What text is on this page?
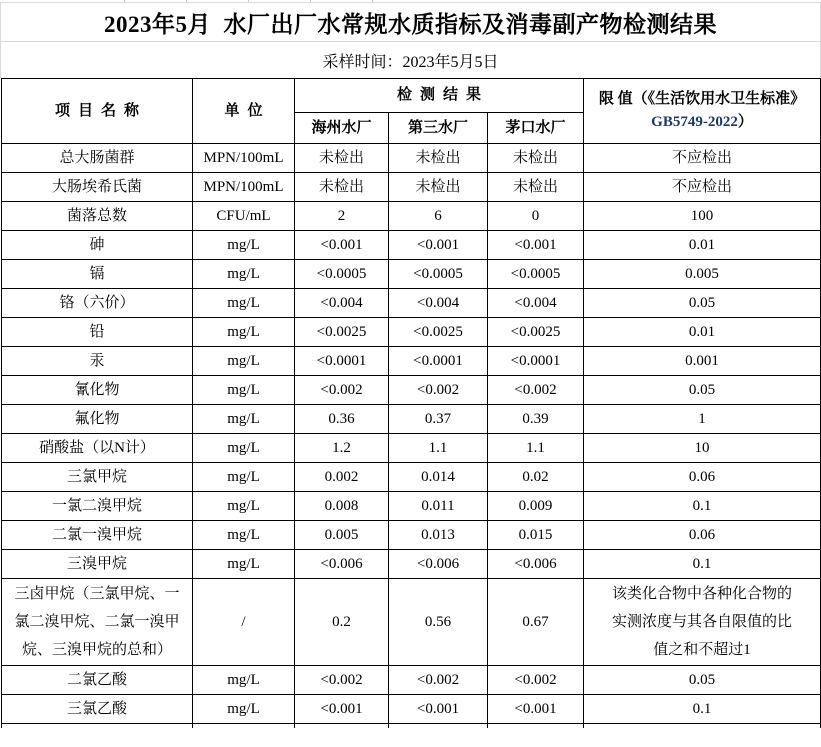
2023年5月  水厂出厂水常规水质指标及消毒副产物检测结果
采样时间：2023年5月5日
项目名称	单位	检测结果			限 值（《生活饮用水卫生标准》GB5749-2022）
		海州水厂	第三水厂	茅口水厂	
总大肠菌群	MPN/100mL	未检出	未检出	未检出	不应检出
大肠埃希氏菌	MPN/100mL	未检出	未检出	未检出	不应检出
菌落总数	CFU/mL	2	6	0	100
砷	mg/L	<0.001	<0.001	<0.001	0.01
镉	mg/L	<0.0005	<0.0005	<0.0005	0.005
铬（六价）	mg/L	<0.004	<0.004	<0.004	0.05
铅	mg/L	<0.0025	<0.0025	<0.0025	0.01
汞	mg/L	<0.0001	<0.0001	<0.0001	0.001
氰化物	mg/L	<0.002	<0.002	<0.002	0.05
氟化物	mg/L	0.36	0.37	0.39	1
硝酸盐（以N计）	mg/L	1.2	1.1	1.1	10
三氯甲烷	mg/L	0.002	0.014	0.02	0.06
一氯二溴甲烷	mg/L	0.008	0.011	0.009	0.1
二氯一溴甲烷	mg/L	0.005	0.013	0.015	0.06
三溴甲烷	mg/L	<0.006	<0.006	<0.006	0.1
三卤甲烷（三氯甲烷、一氯二溴甲烷、二氯一溴甲烷、三溴甲烷的总和）	/	0.2	0.56	0.67	该类化合物中各种化合物的实测浓度与其各自限值的比值之和不超过1
二氯乙酸	mg/L	<0.002	<0.002	<0.002	0.05
三氯乙酸	mg/L	<0.001	<0.001	<0.001	0.1
